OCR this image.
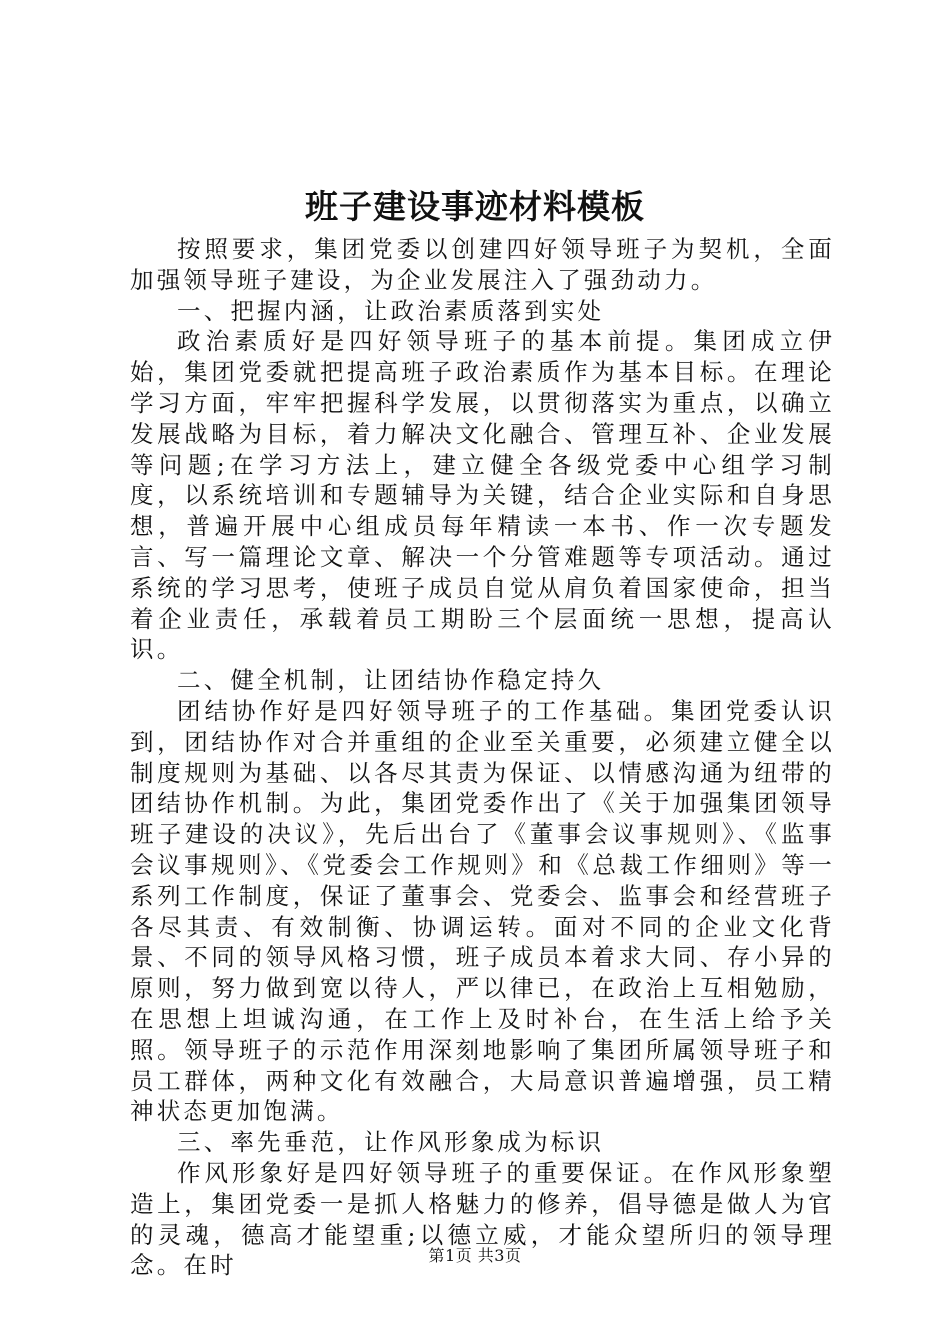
班子建设事迹材料模板

按照要求，集团党委以创建四好领导班子为契机，全面加强领导班子建设，为企业发展注入了强劲动力。

一、把握内涵，让政治素质落到实处

政治素质好是四好领导班子的基本前提。集团成立伊始，集团党委就把提高班子政治素质作为基本目标。在理论学习方面，牢牢把握科学发展，以贯彻落实为重点，以确立发展战略为目标，着力解决文化融合、管理互补、企业发展等问题;在学习方法上，建立健全各级党委中心组学习制度，以系统培训和专题辅导为关键，结合企业实际和自身思想，普遍开展中心组成员每年精读一本书、作一次专题发言、写一篇理论文章、解决一个分管难题等专项活动。通过系统的学习思考，使班子成员自觉从肩负着国家使命，担当着企业责任，承载着员工期盼三个层面统一思想，提高认识。

二、健全机制，让团结协作稳定持久

团结协作好是四好领导班子的工作基础。集团党委认识到，团结协作对合并重组的企业至关重要，必须建立健全以制度规则为基础、以各尽其责为保证、以情感沟通为纽带的团结协作机制。为此，集团党委作出了《关于加强集团领导班子建设的决议》，先后出台了《董事会议事规则》、《监事会议事规则》、《党委会工作规则》和《总裁工作细则》等一系列工作制度，保证了董事会、党委会、监事会和经营班子各尽其责、有效制衡、协调运转。面对不同的企业文化背景、不同的领导风格习惯，班子成员本着求大同、存小异的原则，努力做到宽以待人，严以律已，在政治上互相勉励，在思想上坦诚沟通，在工作上及时补台，在生活上给予关照。领导班子的示范作用深刻地影响了集团所属领导班子和员工群体，两种文化有效融合，大局意识普遍增强，员工精神状态更加饱满。

三、率先垂范，让作风形象成为标识

作风形象好是四好领导班子的重要保证。在作风形象塑造上，集团党委一是抓人格魅力的修养，倡导德是做人为官的灵魂，德高才能望重;以德立威，才能众望所归的领导理念。在时	第1页 共3页
